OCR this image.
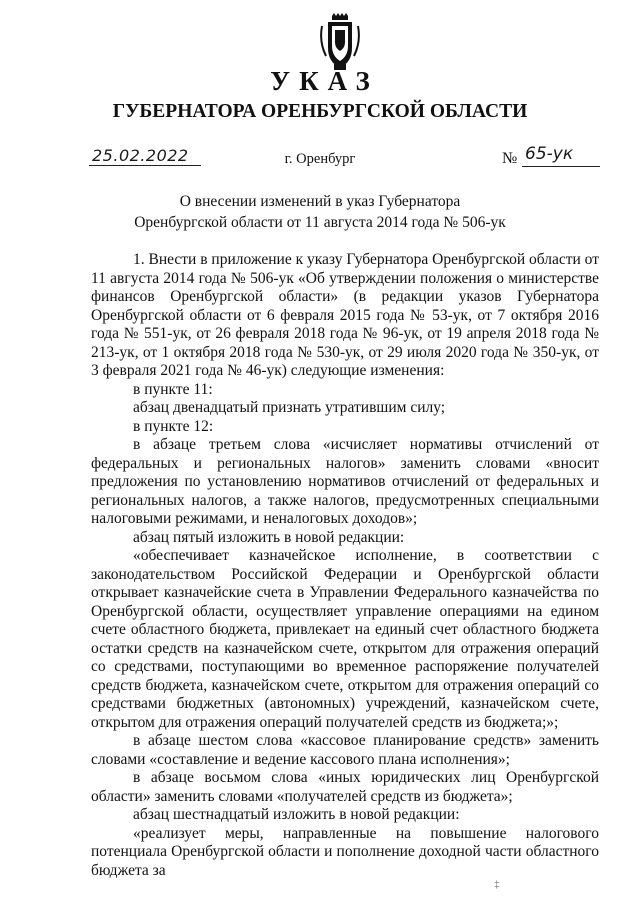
УКАЗ
ГУБЕРНАТОРА ОРЕНБУРГСКОЙ ОБЛАСТИ
25.02.2022	г. Оренбург	№ 65-ук
О внесении изменений в указ Губернатора
Оренбургской области от 11 августа 2014 года № 506-ук

1. Внести в приложение к указу Губернатора Оренбургской области от 11 августа 2014 года № 506-ук «Об утверждении положения о министерстве финансов Оренбургской области» (в редакции указов Губернатора Оренбургской области от 6 февраля 2015 года № 53-ук, от 7 октября 2016 года № 551-ук, от 26 февраля 2018 года № 96-ук, от 19 апреля 2018 года № 213-ук, от 1 октября 2018 года № 530-ук, от 29 июля 2020 года № 350-ук, от 3 февраля 2021 года № 46-ук) следующие изменения:

в пункте 11:

абзац двенадцатый признать утратившим силу;

в пункте 12:

в абзаце третьем слова «исчисляет нормативы отчислений от федеральных и региональных налогов» заменить словами «вносит предложения по установлению нормативов отчислений от федеральных и региональных налогов, а также налогов, предусмотренных специальными налоговыми режимами, и неналоговых доходов»;

абзац пятый изложить в новой редакции:

«обеспечивает казначейское исполнение, в соответствии с законодательством Российской Федерации и Оренбургской области открывает казначейские счета в Управлении Федерального казначейства по Оренбургской области, осуществляет управление операциями на едином счете областного бюджета, привлекает на единый счет областного бюджета остатки средств на казначейском счете, открытом для отражения операций со средствами, поступающими во временное распоряжение получателей средств бюджета, казначейском счете, открытом для отражения операций со средствами бюджетных (автономных) учреждений, казначейском счете, открытом для отражения операций получателей средств из бюджета;»;

в абзаце шестом слова «кассовое планирование средств» заменить словами «составление и ведение кассового плана исполнения»;

в абзаце восьмом слова «иных юридических лиц Оренбургской области» заменить словами «получателей средств из бюджета»;

абзац шестнадцатый изложить в новой редакции:

«реализует меры, направленные на повышение налогового потенциала Оренбургской области и пополнение доходной части областного бюджета за

‡
